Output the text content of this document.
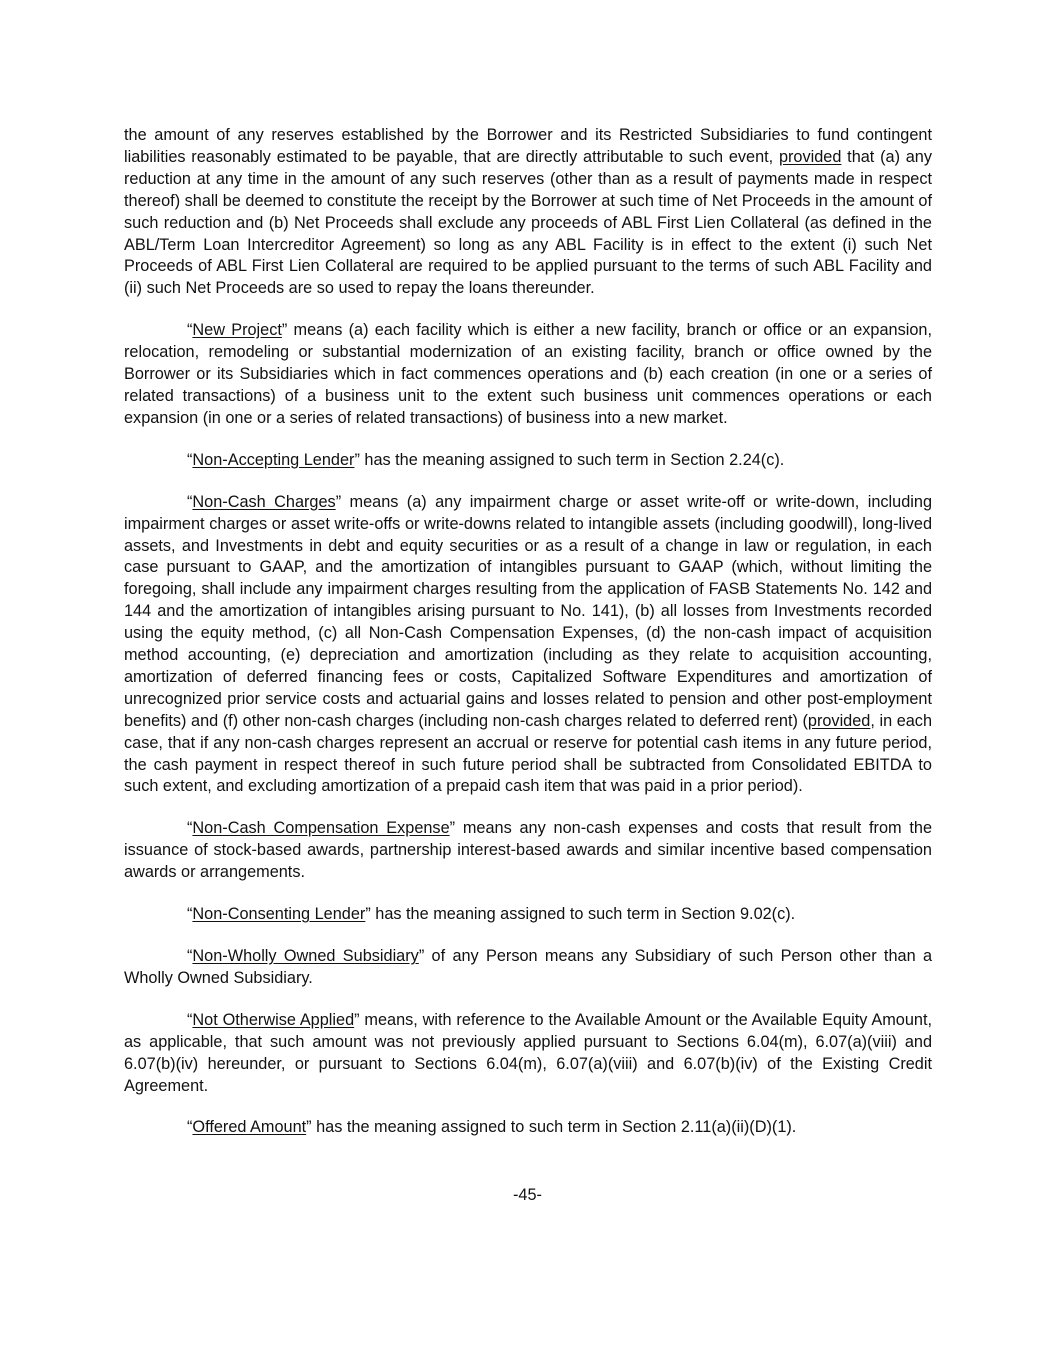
the amount of any reserves established by the Borrower and its Restricted Subsidiaries to fund contingent liabilities reasonably estimated to be payable, that are directly attributable to such event, provided that (a) any reduction at any time in the amount of any such reserves (other than as a result of payments made in respect thereof) shall be deemed to constitute the receipt by the Borrower at such time of Net Proceeds in the amount of such reduction and (b) Net Proceeds shall exclude any proceeds of ABL First Lien Collateral (as defined in the ABL/Term Loan Intercreditor Agreement) so long as any ABL Facility is in effect to the extent (i) such Net Proceeds of ABL First Lien Collateral are required to be applied pursuant to the terms of such ABL Facility and (ii) such Net Proceeds are so used to repay the loans thereunder.

“New Project” means (a) each facility which is either a new facility, branch or office or an expansion, relocation, remodeling or substantial modernization of an existing facility, branch or office owned by the Borrower or its Subsidiaries which in fact commences operations and (b) each creation (in one or a series of related transactions) of a business unit to the extent such business unit commences operations or each expansion (in one or a series of related transactions) of business into a new market.

“Non-Accepting Lender” has the meaning assigned to such term in Section 2.24(c).

“Non-Cash Charges” means (a) any impairment charge or asset write-off or write-down, including impairment charges or asset write-offs or write-downs related to intangible assets (including goodwill), long-lived assets, and Investments in debt and equity securities or as a result of a change in law or regulation, in each case pursuant to GAAP, and the amortization of intangibles pursuant to GAAP (which, without limiting the foregoing, shall include any impairment charges resulting from the application of FASB Statements No. 142 and 144 and the amortization of intangibles arising pursuant to No. 141), (b) all losses from Investments recorded using the equity method, (c) all Non-Cash Compensation Expenses, (d) the non-cash impact of acquisition method accounting, (e) depreciation and amortization (including as they relate to acquisition accounting, amortization of deferred financing fees or costs, Capitalized Software Expenditures and amortization of unrecognized prior service costs and actuarial gains and losses related to pension and other post-employment benefits) and (f) other non-cash charges (including non-cash charges related to deferred rent) (provided, in each case, that if any non-cash charges represent an accrual or reserve for potential cash items in any future period, the cash payment in respect thereof in such future period shall be subtracted from Consolidated EBITDA to such extent, and excluding amortization of a prepaid cash item that was paid in a prior period).

“Non-Cash Compensation Expense” means any non-cash expenses and costs that result from the issuance of stock-based awards, partnership interest-based awards and similar incentive based compensation awards or arrangements.

“Non-Consenting Lender” has the meaning assigned to such term in Section 9.02(c).

“Non-Wholly Owned Subsidiary” of any Person means any Subsidiary of such Person other than a Wholly Owned Subsidiary.

“Not Otherwise Applied” means, with reference to the Available Amount or the Available Equity Amount, as applicable, that such amount was not previously applied pursuant to Sections 6.04(m), 6.07(a)(viii) and 6.07(b)(iv) hereunder, or pursuant to Sections 6.04(m), 6.07(a)(viii) and 6.07(b)(iv) of the Existing Credit Agreement.

“Offered Amount” has the meaning assigned to such term in Section 2.11(a)(ii)(D)(1).

-45-
